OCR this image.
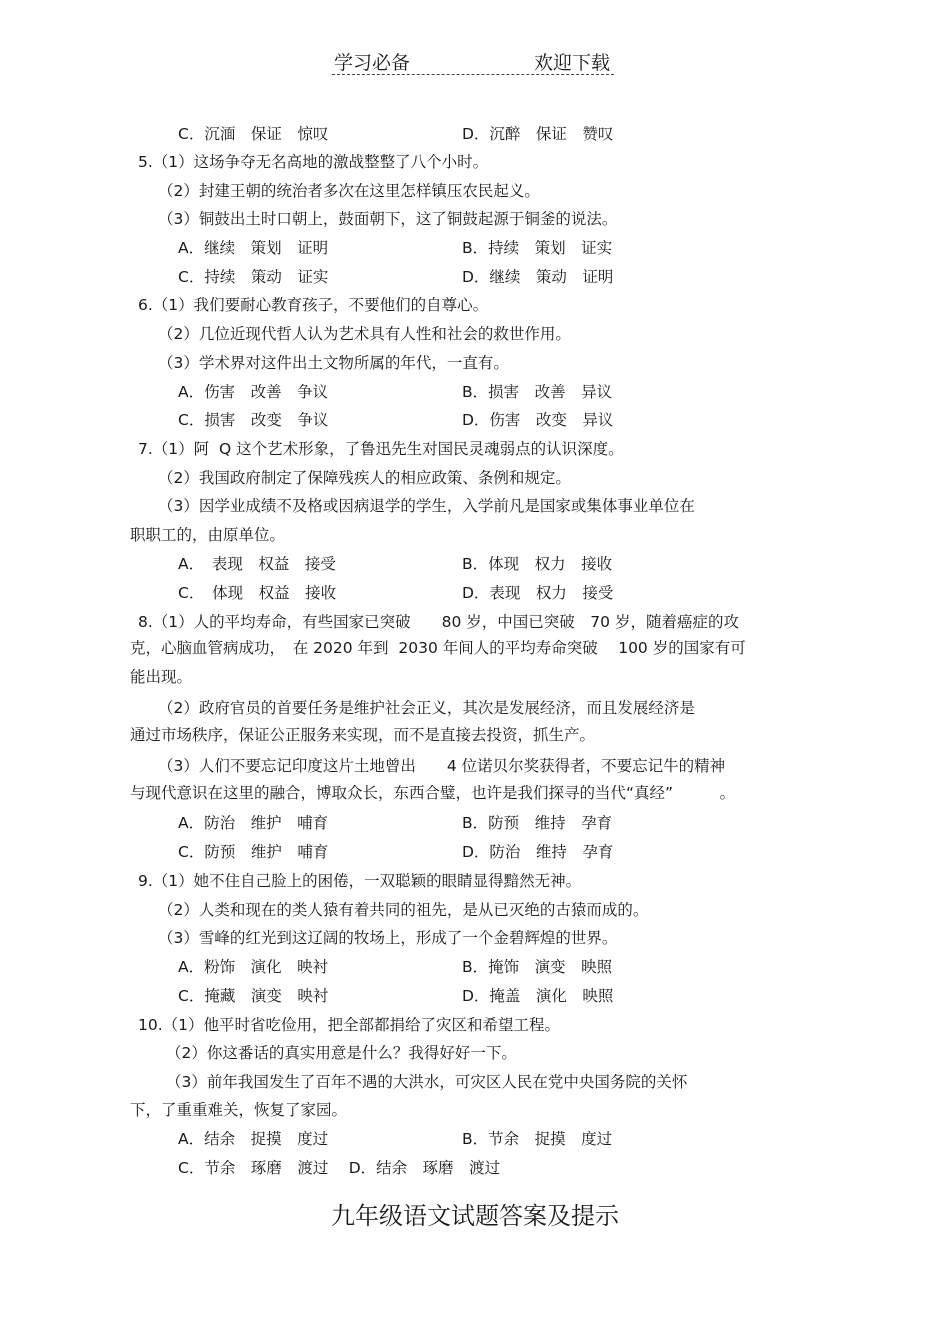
学习必备	欢迎下载
C．沉湎　保证　惊叹	D．沉醉　保证　赞叹
5.（1）这场争夺无名高地的激战整整了八个小时。
（2）封建王朝的统治者多次在这里怎样镇压农民起义。
（3）铜鼓出土时口朝上，鼓面朝下，这了铜鼓起源于铜釜的说法。
A．继续　策划　证明	B．持续　策划　证实
C．持续　策动　证实	D．继续　策动　证明
6.（1）我们要耐心教育孩子，不要他们的自尊心。
（2）几位近现代哲人认为艺术具有人性和社会的救世作用。
（3）学术界对这件出土文物所属的年代，一直有。
A．伤害　改善　争议	B．损害　改善　异议
C．损害　改变　争议	D．伤害　改变　异议
7.（1）阿  Q 这个艺术形象，了鲁迅先生对国民灵魂弱点的认识深度。
（2）我国政府制定了保障残疾人的相应政策、条例和规定。
（3）因学业成绩不及格或因病退学的学生，入学前凡是国家或集体事业单位在
职职工的，由原单位。
A．　表现　权益　接受	B．体现　权力　接收
C．　体现　权益　接收	D．表现　权力　接受
8.（1）人的平均寿命，有些国家已突破　　80 岁，中国已突破　70 岁，随着癌症的攻
克，心脑血管病成功，　在 2020 年到  2030 年间人的平均寿命突破　 100 岁的国家有可
能出现。
（2）政府官员的首要任务是维护社会正义，其次是发展经济，而且发展经济是
通过市场秩序，保证公正服务来实现，而不是直接去投资，抓生产。
（3）人们不要忘记印度这片土地曾出　　4 位诺贝尔奖获得者，不要忘记牛的精神
与现代意识在这里的融合，博取众长，东西合璧，也许是我们探寻的当代“真经”　　　。
A．防治　维护　哺育	B．防预　维持　孕育
C．防预　维护　哺育	D．防治　维持　孕育
9.（1）她不住自己脸上的困倦，一双聪颖的眼睛显得黯然无神。
（2）人类和现在的类人猿有着共同的祖先，是从已灭绝的古猿而成的。
（3）雪峰的红光到这辽阔的牧场上，形成了一个金碧辉煌的世界。
A．粉饰　演化　映衬	B．掩饰　演变　映照
C．掩藏　演变　映衬	D．掩盖　演化　映照
10.（1）他平时省吃俭用，把全部都捐给了灾区和希望工程。
（2）你这番话的真实用意是什么？我得好好一下。
（3）前年我国发生了百年不遇的大洪水，可灾区人民在党中央国务院的关怀
下，了重重难关，恢复了家园。
A．结余　捉摸　度过	B．节余　捉摸　度过
C．节余　琢磨　渡过　 D．结余　琢磨　渡过
九年级语文试题答案及提示
